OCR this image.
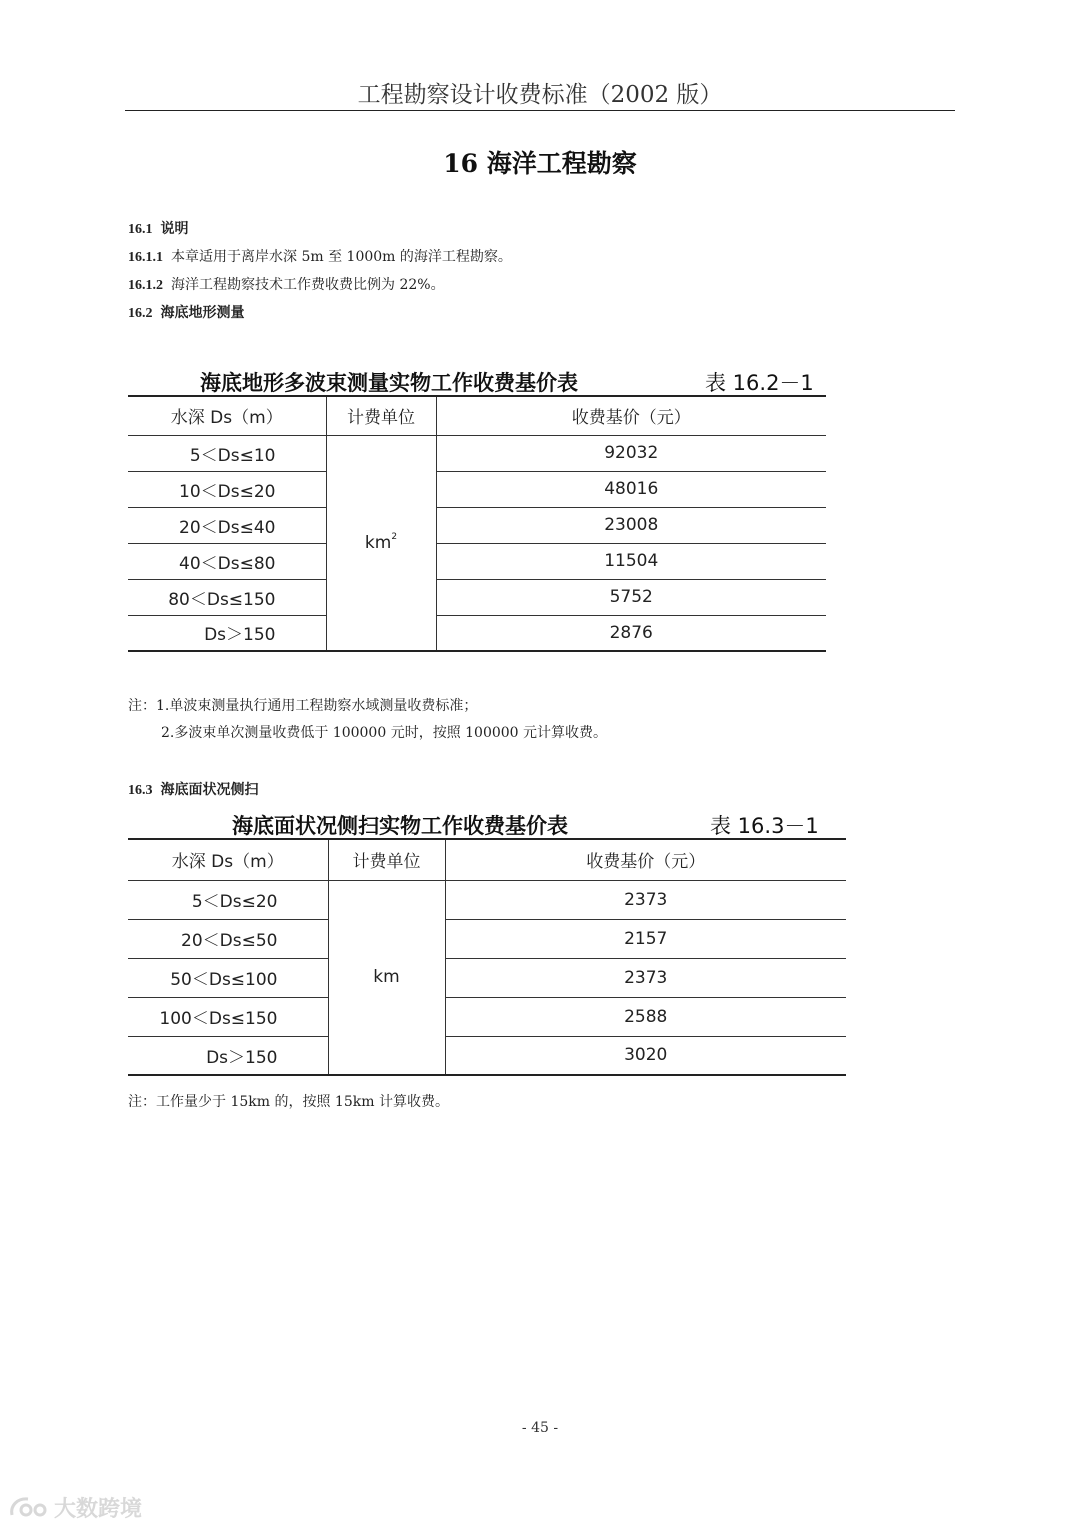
工程勘察设计收费标准（2002 版）
16 海洋工程勘察
16.1 说明
16.1.1 本章适用于离岸水深 5m 至 1000m 的海洋工程勘察。
16.1.2 海洋工程勘察技术工作费收费比例为 22%。
16.2 海底地形测量
海底地形多波束测量实物工作收费基价表	表 16.2－1
水深 Ds（m）	计费单位	收费基价（元）
5＜Ds≤10	$km^2$	92032
10＜Ds≤20		48016
20＜Ds≤40		23008
40＜Ds≤80		11504
80＜Ds≤150		5752
Ds＞150		2876
注：1.单波束测量执行通用工程勘察水域测量收费标准；
2.多波束单次测量收费低于 100000 元时，按照 100000 元计算收费。
16.3 海底面状况侧扫
海底面状况侧扫实物工作收费基价表	表 16.3－1
水深 Ds（m）	计费单位	收费基价（元）
5＜Ds≤20	km	2373
20＜Ds≤50		2157
50＜Ds≤100		2373
100＜Ds≤150		2588
Ds＞150		3020
注：工作量少于 15km 的，按照 15km 计算收费。
- 45 -
大数跨境
